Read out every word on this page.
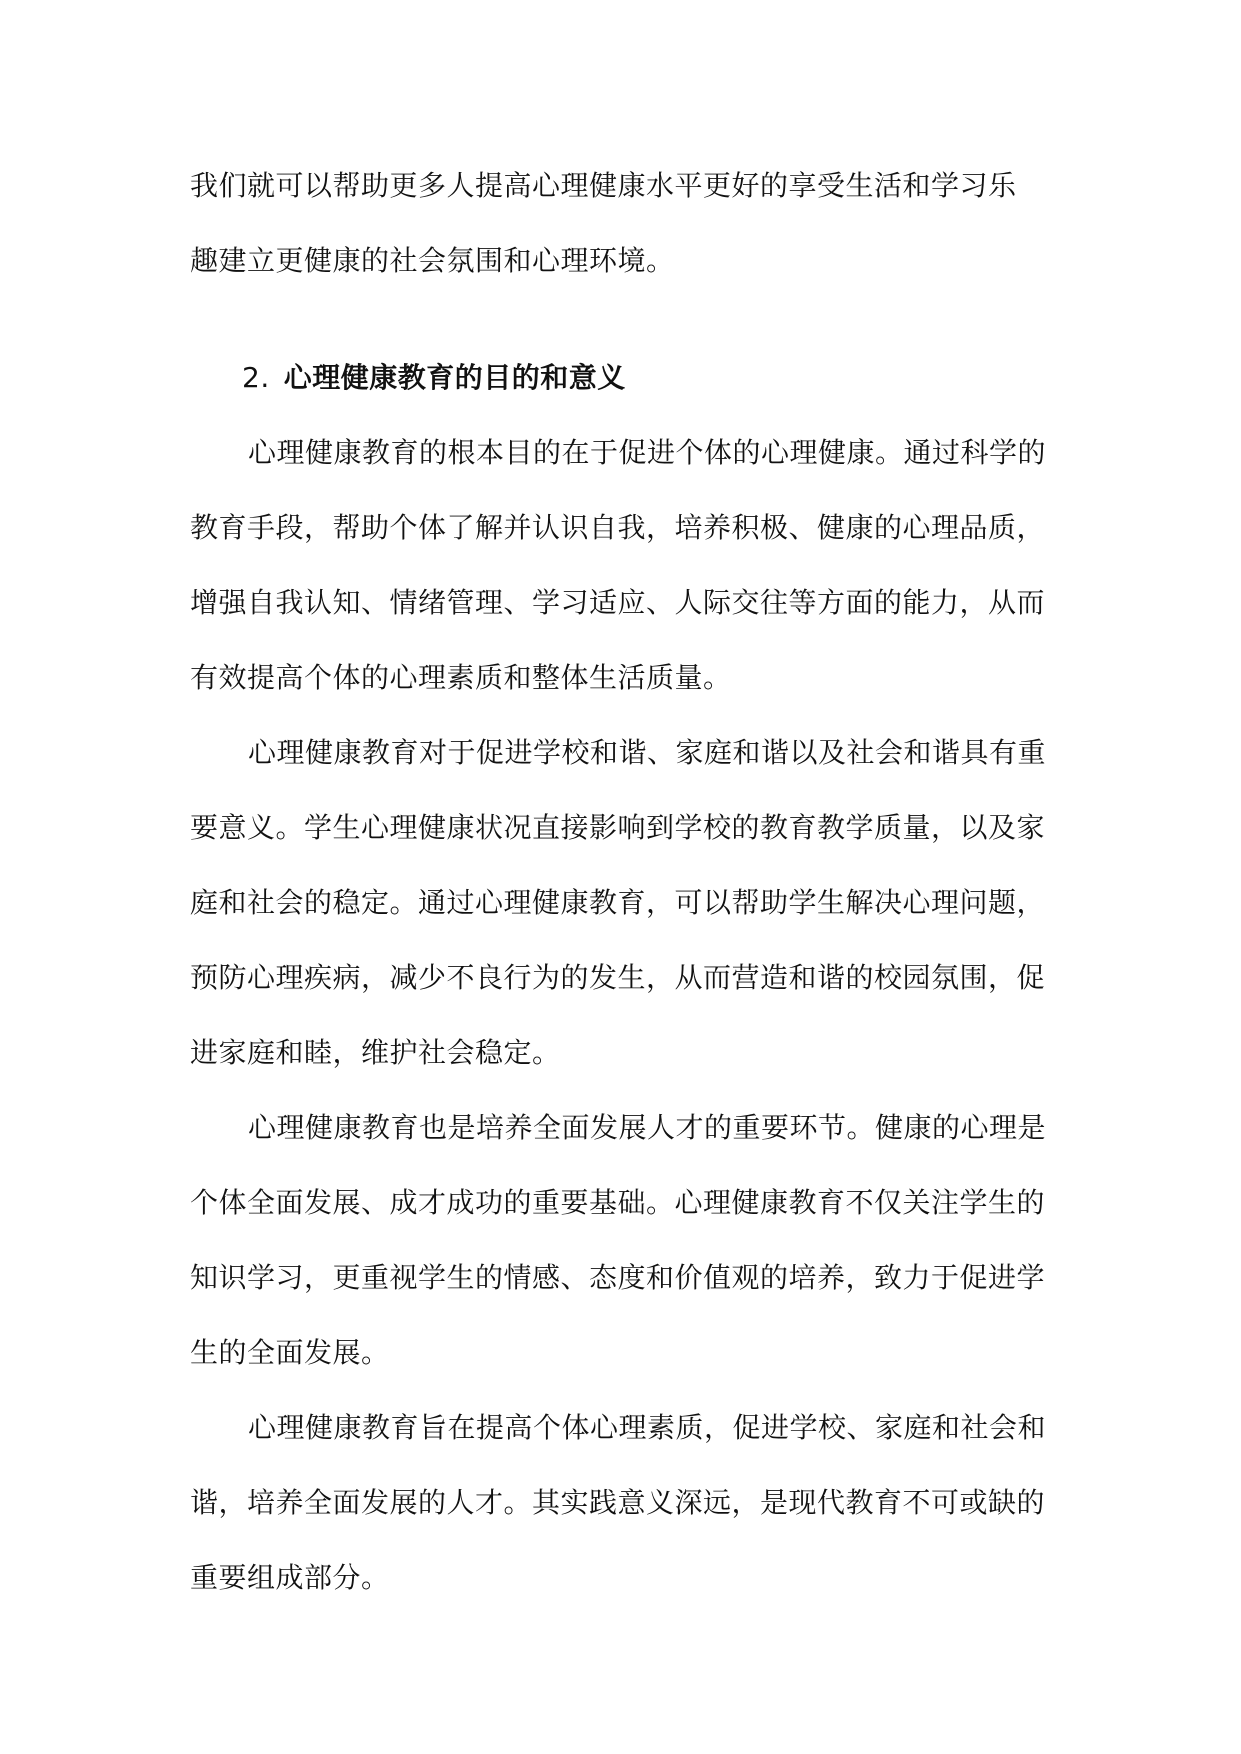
我们就可以帮助更多人提高心理健康水平更好的享受生活和学习乐
趣建立更健康的社会氛围和心理环境。

2. 心理健康教育的目的和意义

心理健康教育的根本目的在于促进个体的心理健康。通过科学的
教育手段，帮助个体了解并认识自我，培养积极、健康的心理品质，
增强自我认知、情绪管理、学习适应、人际交往等方面的能力，从而
有效提高个体的心理素质和整体生活质量。

心理健康教育对于促进学校和谐、家庭和谐以及社会和谐具有重
要意义。学生心理健康状况直接影响到学校的教育教学质量，以及家
庭和社会的稳定。通过心理健康教育，可以帮助学生解决心理问题，
预防心理疾病，减少不良行为的发生，从而营造和谐的校园氛围，促
进家庭和睦，维护社会稳定。

心理健康教育也是培养全面发展人才的重要环节。健康的心理是
个体全面发展、成才成功的重要基础。心理健康教育不仅关注学生的
知识学习，更重视学生的情感、态度和价值观的培养，致力于促进学
生的全面发展。

心理健康教育旨在提高个体心理素质，促进学校、家庭和社会和
谐，培养全面发展的人才。其实践意义深远，是现代教育不可或缺的
重要组成部分。
